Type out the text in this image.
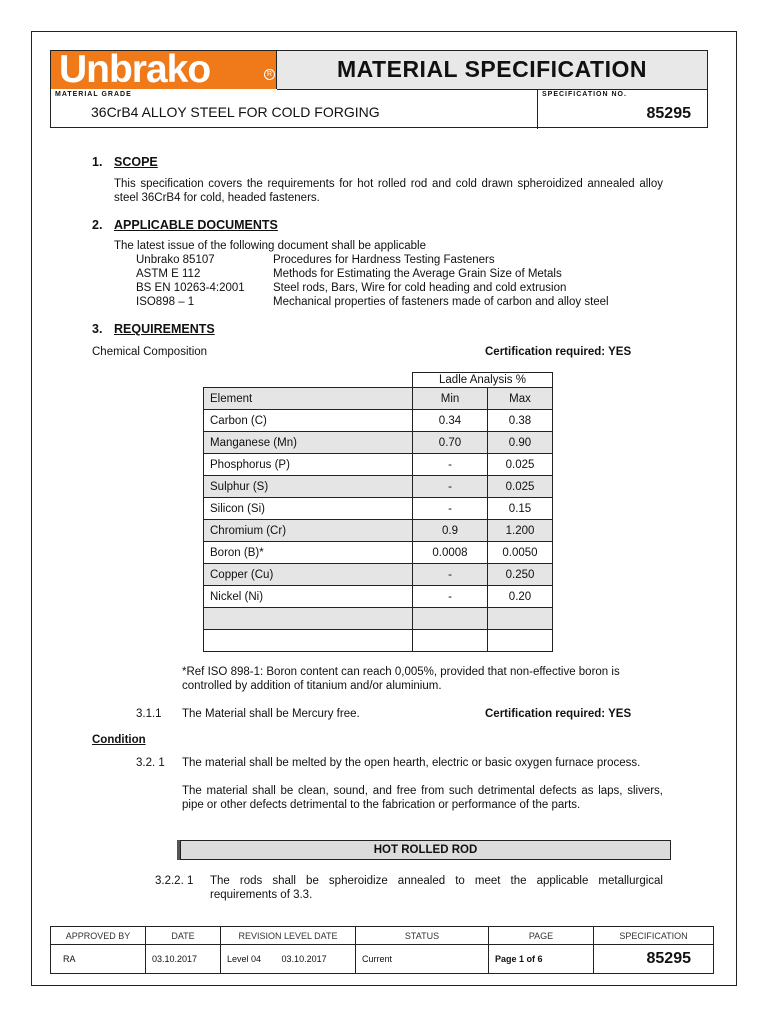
Unbrako	R	MATERIAL SPECIFICATION
MATERIAL GRADE
36CrB4 ALLOY STEEL FOR COLD FORGING
SPECIFICATION NO.
85295
1. SCOPE
This specification covers the requirements for hot rolled rod and cold drawn spheroidized annealed alloy steel 36CrB4 for cold, headed fasteners.
2. APPLICABLE DOCUMENTS
The latest issue of the following document shall be applicable
Unbrako 85107	Procedures for Hardness Testing Fasteners
ASTM E 112	Methods for Estimating the Average Grain Size of Metals
BS EN 10263-4:2001 Steel rods, Bars, Wire for cold heading and cold extrusion
ISO898 – 1	Mechanical properties of fasteners made of carbon and alloy steel
3. REQUIREMENTS
Chemical Composition	Certification required: YES
	Ladle Analysis %	
Element	Min	Max
Carbon (C)	0.34	0.38
Manganese (Mn)	0.70	0.90
Phosphorus (P)	-	0.025
Sulphur (S)	-	0.025
Silicon (Si)	-	0.15
Chromium (Cr)	0.9	1.200
Boron (B)*	0.0008	0.0050
Copper (Cu)	-	0.250
Nickel (Ni)	-	0.20

*Ref ISO 898-1: Boron content can reach 0,005%, provided that non-effective boron is controlled by addition of titanium and/or aluminium.
3.1.1 The Material shall be Mercury free.	Certification required: YES
Condition
3.2. 1 The material shall be melted by the open hearth, electric or basic oxygen furnace process.
The material shall be clean, sound, and free from such detrimental defects as laps, slivers, pipe or other defects detrimental to the fabrication or performance of the parts.
HOT ROLLED ROD
3.2.2. 1 The rods shall be spheroidize annealed to meet the applicable metallurgical requirements of 3.3.
APPROVED BY	DATE	REVISION LEVEL DATE	STATUS	PAGE	SPECIFICATION
RA	03.10.2017	Level 04 03.10.2017	Current	Page 1 of 6	85295
